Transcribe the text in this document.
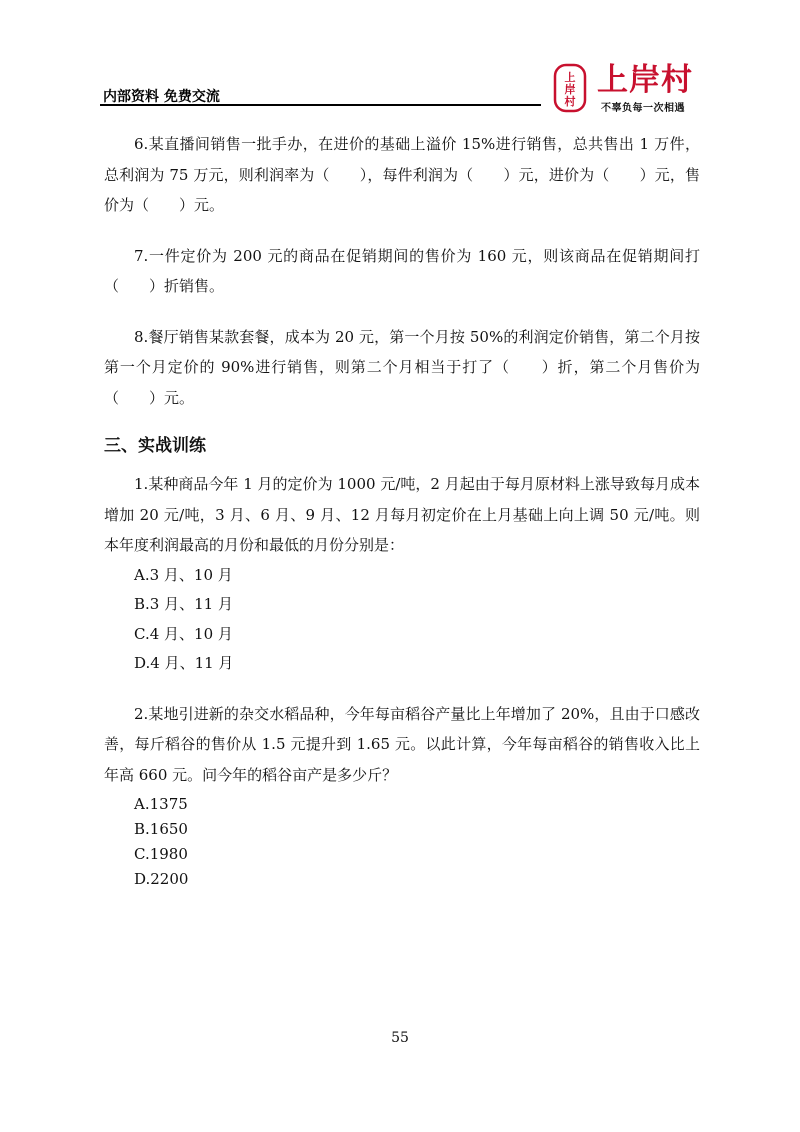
内部资料 免费交流
上
岸
村
上岸村
不辜负每一次相遇

6.某直播间销售一批手办，在进价的基础上溢价 15%进行销售，总共售出 1 万件，总利润为 75 万元，则利润率为（　　），每件利润为（　　）元，进价为（　　）元，售价为（　　）元。

7.一件定价为 200 元的商品在促销期间的售价为 160 元，则该商品在促销期间打（　　）折销售。

8.餐厅销售某款套餐，成本为 20 元，第一个月按 50%的利润定价销售，第二个月按第一个月定价的 90%进行销售，则第二个月相当于打了（　　）折，第二个月售价为（　　）元。

三、实战训练

1.某种商品今年 1 月的定价为 1000 元/吨，2 月起由于每月原材料上涨导致每月成本增加 20 元/吨，3 月、6 月、9 月、12 月每月初定价在上月基础上向上调 50 元/吨。则本年度利润最高的月份和最低的月份分别是：

A.3 月、10 月
B.3 月、11 月
C.4 月、10 月
D.4 月、11 月

2.某地引进新的杂交水稻品种，今年每亩稻谷产量比上年增加了 20%，且由于口感改善，每斤稻谷的售价从 1.5 元提升到 1.65 元。以此计算，今年每亩稻谷的销售收入比上年高 660 元。问今年的稻谷亩产是多少斤？

A.1375
B.1650
C.1980
D.2200
55
